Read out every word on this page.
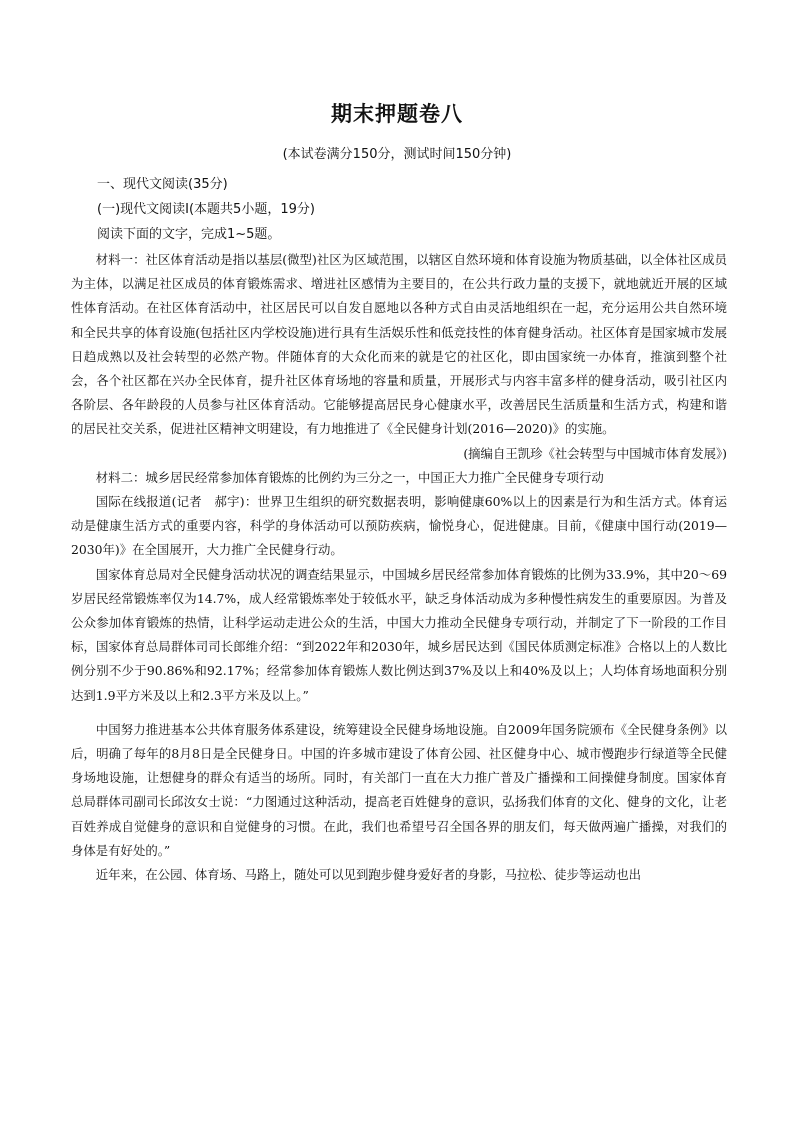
期末押题卷八
(本试卷满分150分，测试时间150分钟)
一、现代文阅读(35分)
(一)现代文阅读Ⅰ(本题共5小题，19分)
阅读下面的文字，完成1~5题。

材料一：社区体育活动是指以基层(微型)社区为区域范围，以辖区自然环境和体育设施为物质基础，以全体社区成员为主体，以满足社区成员的体育锻炼需求、增进社区感情为主要目的，在公共行政力量的支援下，就地就近开展的区域性体育活动。在社区体育活动中，社区居民可以自发自愿地以各种方式自由灵活地组织在一起，充分运用公共自然环境和全民共享的体育设施(包括社区内学校设施)进行具有生活娱乐性和低竞技性的体育健身活动。社区体育是国家城市发展日趋成熟以及社会转型的必然产物。伴随体育的大众化而来的就是它的社区化，即由国家统一办体育，推演到整个社会，各个社区都在兴办全民体育，提升社区体育场地的容量和质量，开展形式与内容丰富多样的健身活动，吸引社区内各阶层、各年龄段的人员参与社区体育活动。它能够提高居民身心健康水平，改善居民生活质量和生活方式，构建和谐的居民社交关系，促进社区精神文明建设，有力地推进了《全民健身计划(2016—2020)》的实施。

(摘编自王凯珍《社会转型与中国城市体育发展》)

材料二：城乡居民经常参加体育锻炼的比例约为三分之一，中国正大力推广全民健身专项行动

国际在线报道(记者　郝宇)：世界卫生组织的研究数据表明，影响健康60%以上的因素是行为和生活方式。体育运动是健康生活方式的重要内容，科学的身体活动可以预防疾病，愉悦身心，促进健康。目前，《健康中国行动(2019—2030年)》在全国展开，大力推广全民健身行动。

国家体育总局对全民健身活动状况的调查结果显示，中国城乡居民经常参加体育锻炼的比例为33.9%，其中20～69岁居民经常锻炼率仅为14.7%，成人经常锻炼率处于较低水平，缺乏身体活动成为多种慢性病发生的重要原因。为普及公众参加体育锻炼的热情，让科学运动走进公众的生活，中国大力推动全民健身专项行动，并制定了下一阶段的工作目标，国家体育总局群体司司长郎维介绍：“到2022年和2030年，城乡居民达到《国民体质测定标准》合格以上的人数比例分别不少于90.86%和92.17%；经常参加体育锻炼人数比例达到37%及以上和40%及以上；人均体育场地面积分别达到1.9平方米及以上和2.3平方米及以上。”

中国努力推进基本公共体育服务体系建设，统筹建设全民健身场地设施。自2009年国务院颁布《全民健身条例》以后，明确了每年的8月8日是全民健身日。中国的许多城市建设了体育公园、社区健身中心、城市慢跑步行绿道等全民健身场地设施，让想健身的群众有适当的场所。同时，有关部门一直在大力推广普及广播操和工间操健身制度。国家体育总局群体司副司长邱汝女士说：“力图通过这种活动，提高老百姓健身的意识，弘扬我们体育的文化、健身的文化，让老百姓养成自觉健身的意识和自觉健身的习惯。在此，我们也希望号召全国各界的朋友们，每天做两遍广播操，对我们的身体是有好处的。”

近年来，在公园、体育场、马路上，随处可以见到跑步健身爱好者的身影，马拉松、徒步等运动也出
